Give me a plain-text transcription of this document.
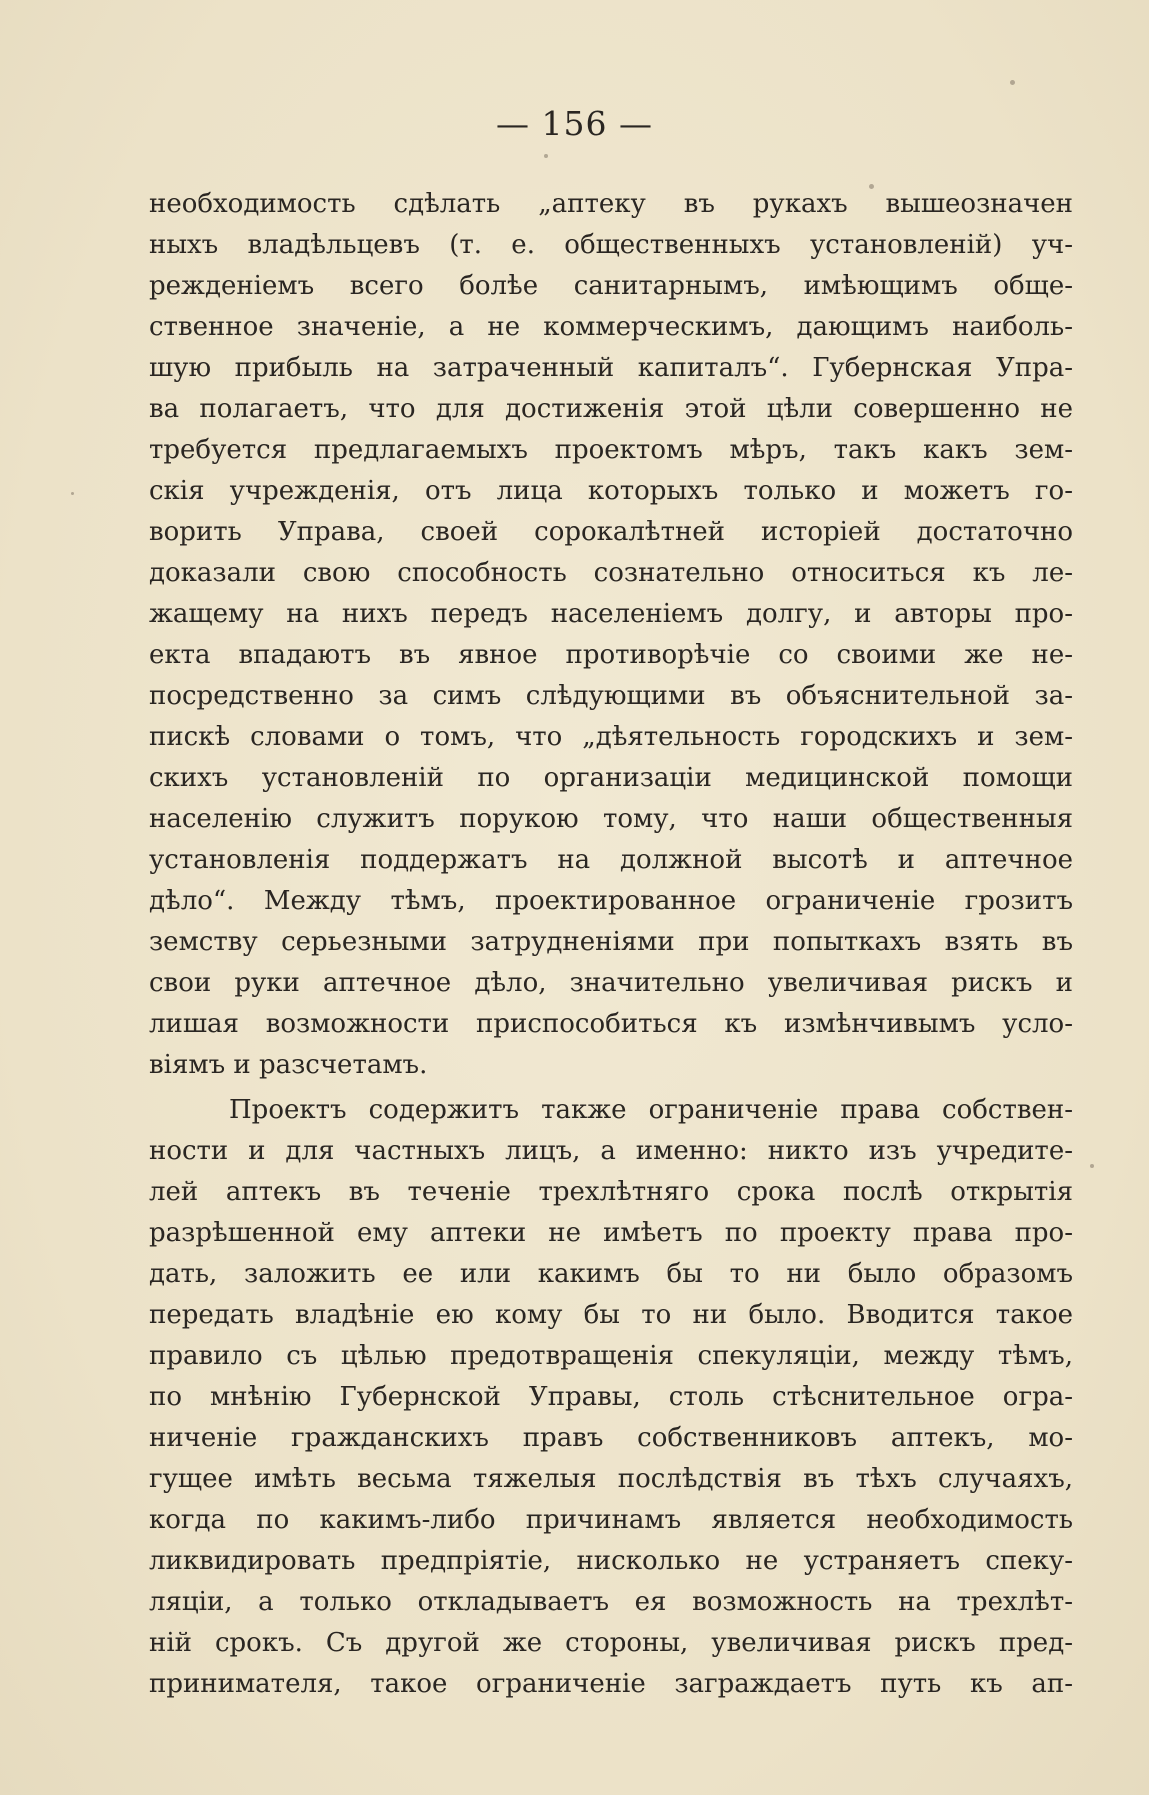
— 156 —
необходимость сдѣлать „аптеку въ рукахъ вышеозначен
ныхъ владѣльцевъ (т. е. общественныхъ установленій) уч-
режденіемъ всего болѣе санитарнымъ, имѣющимъ обще-
ственное значеніе, а не коммерческимъ, дающимъ наиболь-
шую прибыль на затраченный капиталъ“. Губернская Упра-
ва полагаетъ, что для достиженія этой цѣли совершенно не
требуется предлагаемыхъ проектомъ мѣръ, такъ какъ зем-
скія учрежденія, отъ лица которыхъ только и можетъ го-
ворить Управа, своей сорокалѣтней исторіей достаточно
доказали свою способность сознательно относиться къ ле-
жащему на нихъ передъ населеніемъ долгу, и авторы про-
екта впадаютъ въ явное противорѣчіе со своими же не-
посредственно за симъ слѣдующими въ объяснительной за-
пискѣ словами о томъ, что „дѣятельность городскихъ и зем-
скихъ установленій по организаціи медицинской помощи
населенію служитъ порукою тому, что наши общественныя
установленія поддержатъ на должной высотѣ и аптечное
дѣло“. Между тѣмъ, проектированное ограниченіе грозитъ
земству серьезными затрудненіями при попыткахъ взять въ
свои руки аптечное дѣло, значительно увеличивая рискъ и
лишая возможности приспособиться къ измѣнчивымъ усло-
віямъ и разсчетамъ.
Проектъ содержитъ также ограниченіе права собствен-
ности и для частныхъ лицъ, а именно: никто изъ учредите-
лей аптекъ въ теченіе трехлѣтняго срока послѣ открытія
разрѣшенной ему аптеки не имѣетъ по проекту права про-
дать, заложить ее или какимъ бы то ни было образомъ
передать владѣніе ею кому бы то ни было. Вводится такое
правило съ цѣлью предотвращенія спекуляціи, между тѣмъ,
по мнѣнію Губернской Управы, столь стѣснительное огра-
ниченіе гражданскихъ правъ собственниковъ аптекъ, мо-
гущее имѣть весьма тяжелыя послѣдствія въ тѣхъ случаяхъ,
когда по какимъ-либо причинамъ является необходимость
ликвидировать предпріятіе, нисколько не устраняетъ спеку-
ляціи, а только откладываетъ ея возможность на трехлѣт-
ній срокъ. Съ другой же стороны, увеличивая рискъ пред-
принимателя, такое ограниченіе заграждаетъ путь къ ап-
